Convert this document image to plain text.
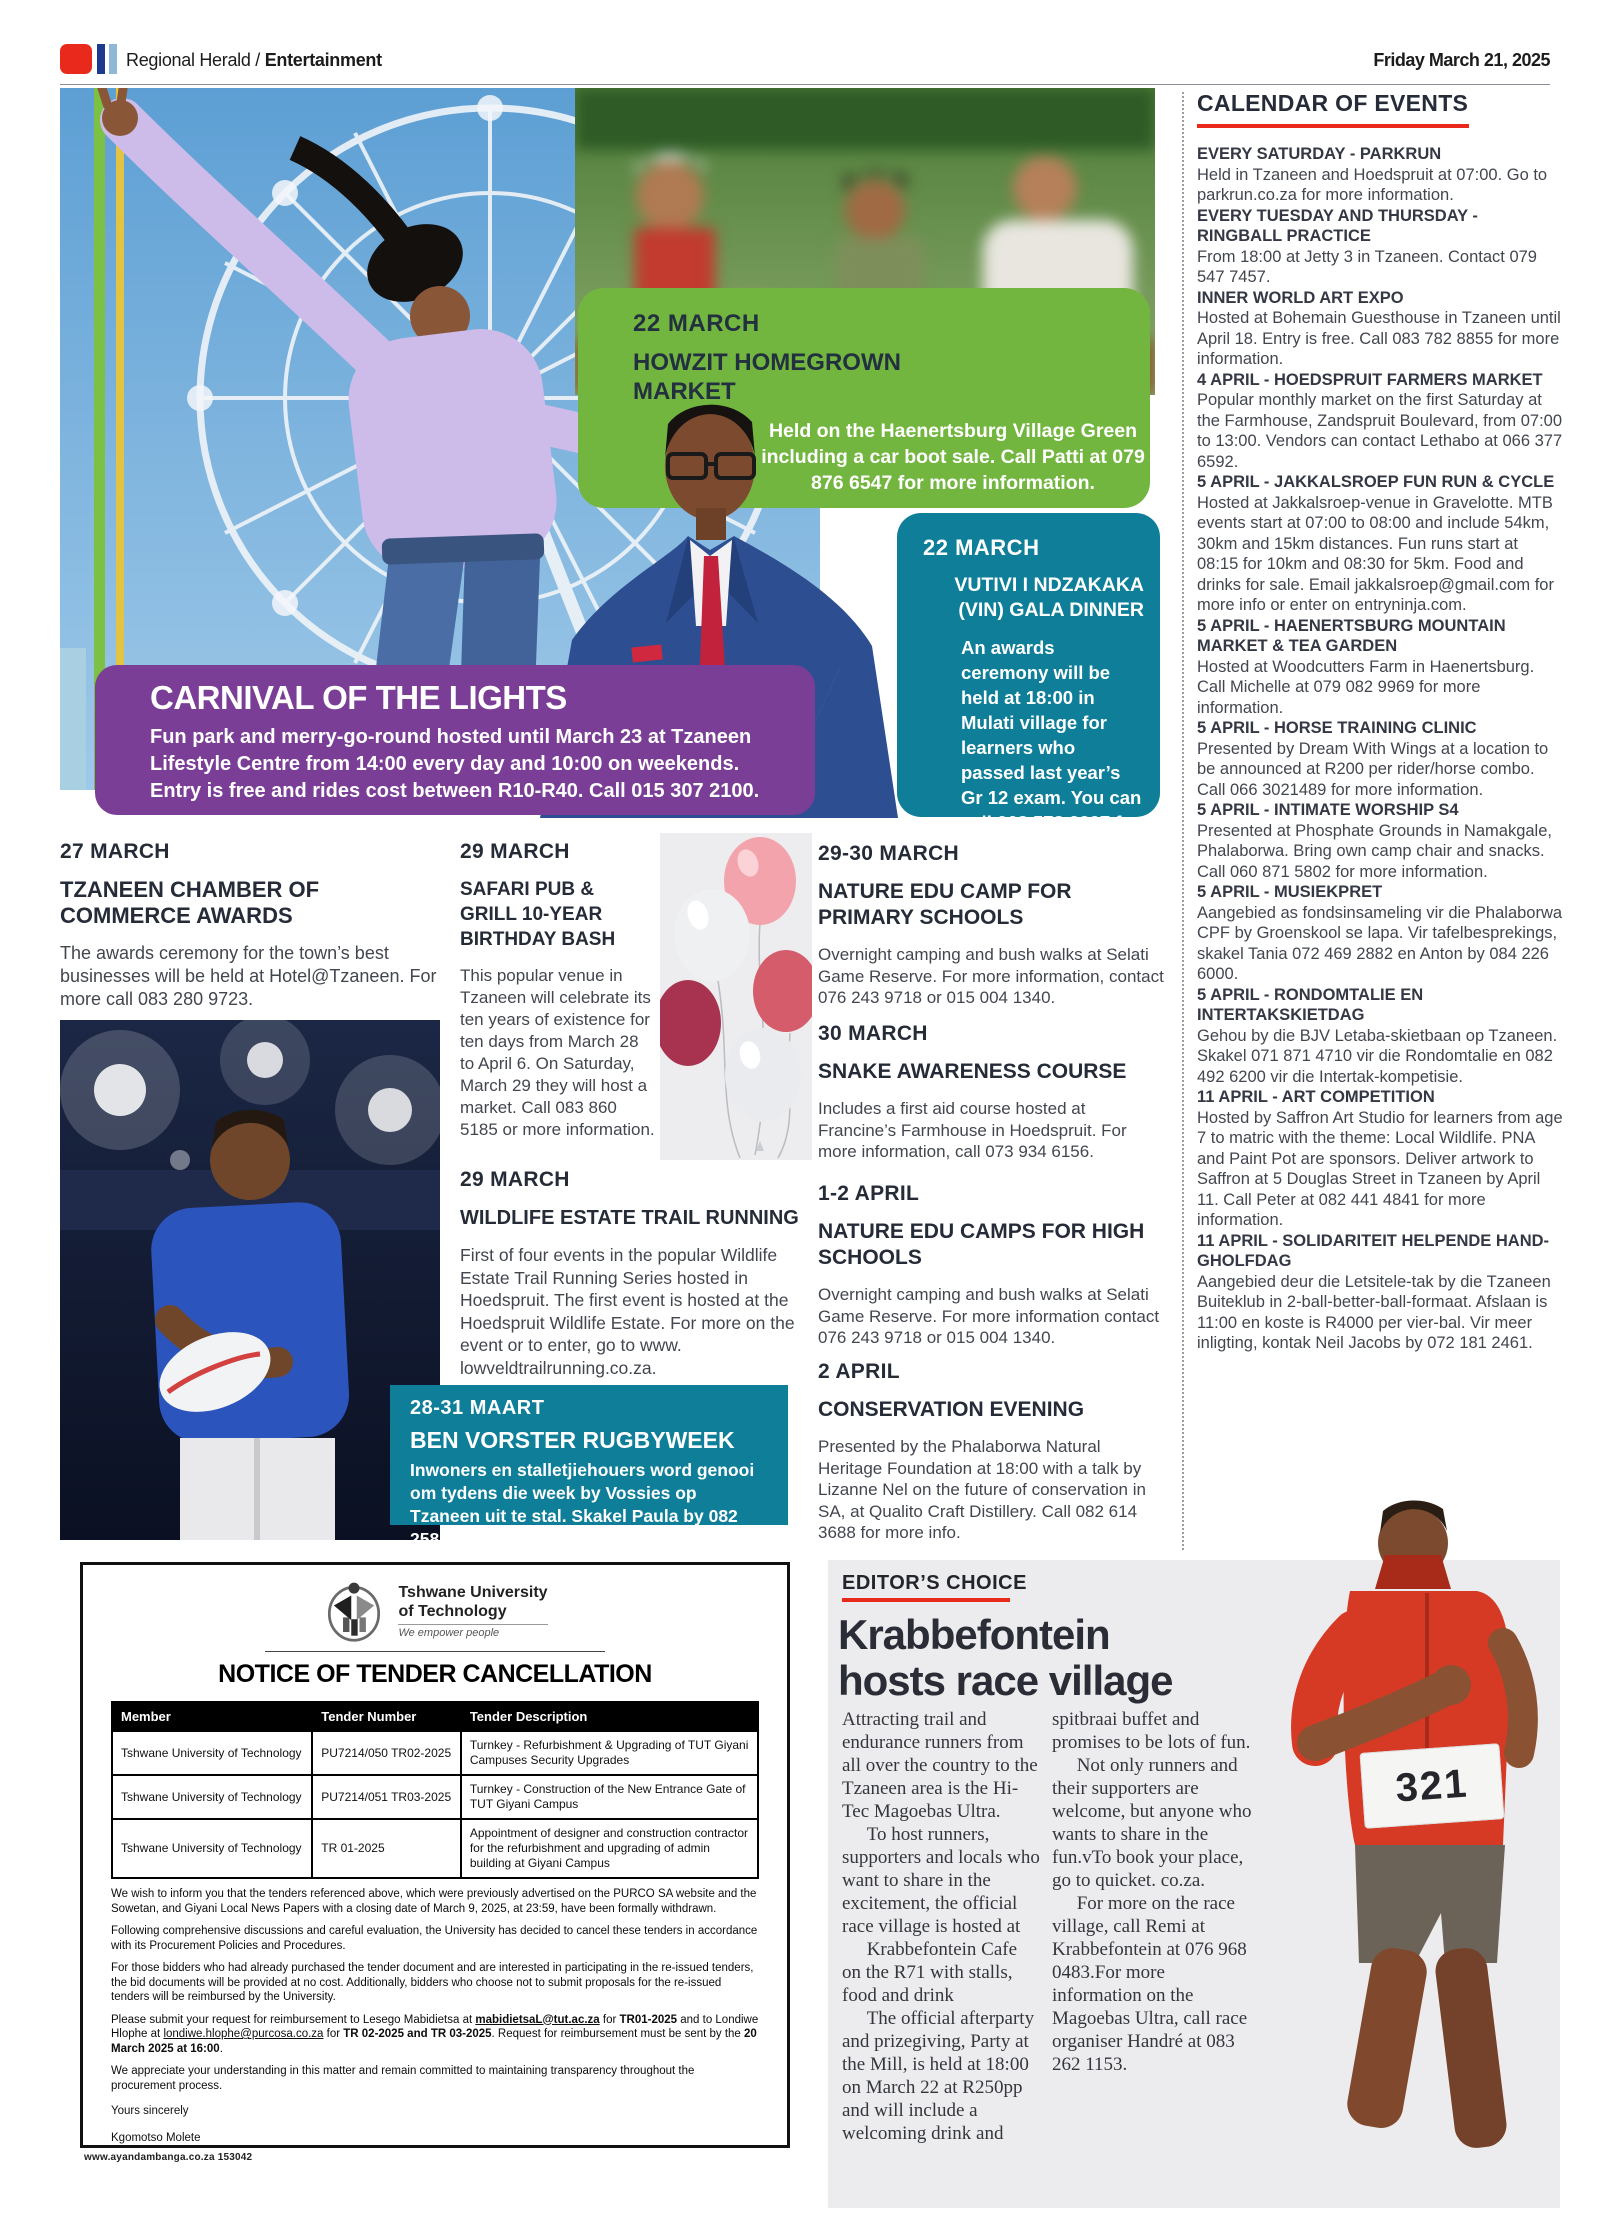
Regional Herald / Entertainment	Friday March 21, 2025
22 MARCH
HOWZIT HOMEGROWN MARKET
Held on the Haenertsburg Village Green including a car boot sale. Call Patti at 079 876 6547 for more information.
22 MARCH
VUTIVI I NDZAKAKA (VIN) GALA DINNER
An awards ceremony will be held at 18:00 in Mulati village for learners who passed last year’s Gr 12 exam. You can call 068 578 3297 for more information.
CARNIVAL OF THE LIGHTS
Fun park and merry-go-round hosted until March 23 at Tzaneen Lifestyle Centre from 14:00 every day and 10:00 on weekends. Entry is free and rides cost between R10-R40. Call 015 307 2100.
CALENDAR OF EVENTS
EVERY SATURDAY - PARKRUN
Held in Tzaneen and Hoedspruit at 07:00. Go to parkrun.co.za for more information.
EVERY TUESDAY AND THURSDAY - RINGBALL PRACTICE
From 18:00 at Jetty 3 in Tzaneen. Contact 079 547 7457.
INNER WORLD ART EXPO
Hosted at Bohemain Guesthouse in Tzaneen until April 18. Entry is free. Call 083 782 8855 for more information.
4 APRIL - HOEDSPRUIT FARMERS MARKET
Popular monthly market on the first Saturday at the Farmhouse, Zandspruit Boulevard, from 07:00 to 13:00. Vendors can contact Lethabo at 066 377 6592.
5 APRIL - JAKKALSROEP FUN RUN & CYCLE
Hosted at Jakkalsroep-venue in Gravelotte. MTB events start at 07:00 to 08:00 and include 54km, 30km and 15km distances. Fun runs start at 08:15 for 10km and 08:30 for 5km. Food and drinks for sale. Email jakkalsroep@gmail.com for more info or enter on entryninja.com.
5 APRIL - HAENERTSBURG MOUNTAIN MARKET & TEA GARDEN
Hosted at Woodcutters Farm in Haenertsburg. Call Michelle at 079 082 9969 for more information.
5 APRIL - HORSE TRAINING CLINIC
Presented by Dream With Wings at a location to be announced at R200 per rider/horse combo. Call 066 3021489 for more information.
5 APRIL - INTIMATE WORSHIP S4
Presented at Phosphate Grounds in Namakgale, Phalaborwa. Bring own camp chair and snacks. Call 060 871 5802 for more information.
5 APRIL - MUSIEKPRET
Aangebied as fondsinsameling vir die Phalaborwa CPF by Groenskool se lapa. Vir tafelbesprekings, skakel Tania 072 469 2882 en Anton by 084 226 6000.
5 APRIL - RONDOMTALIE EN INTERTAKSKIETDAG
Gehou by die BJV Letaba-skietbaan op Tzaneen. Skakel 071 871 4710 vir die Rondomtalie en 082 492 6200 vir die Intertak-kompetisie.
11 APRIL - ART COMPETITION
Hosted by Saffron Art Studio for learners from age 7 to matric with the theme: Local Wildlife. PNA and Paint Pot are sponsors. Deliver artwork to Saffron at 5 Douglas Street in Tzaneen by April 11. Call Peter at 082 441 4841 for more information.
11 APRIL - SOLIDARITEIT HELPENDE HAND-GHOLFDAG
Aangebied deur die Letsitele-tak by die Tzaneen Buiteklub in 2-ball-better-ball-formaat. Afslaan is 11:00 en koste is R4000 per vier-bal. Vir meer inligting, kontak Neil Jacobs by 072 181 2461.
27 MARCH
TZANEEN CHAMBER OF COMMERCE AWARDS
The awards ceremony for the town’s best businesses will be held at Hotel@Tzaneen. For more call 083 280 9723.
29 MARCH
SAFARI PUB & GRILL 10-YEAR BIRTHDAY BASH
This popular venue in Tzaneen will celebrate its ten years of existence for ten days from March 28 to April 6. On Saturday, March 29 they will host a market. Call 083 860 5185 or more information.
29 MARCH
WILDLIFE ESTATE TRAIL RUNNING
First of four events in the popular Wildlife Estate Trail Running Series hosted in Hoedspruit. The first event is hosted at the Hoedspruit Wildlife Estate. For more on the event or to enter, go to www. lowveldtrailrunning.co.za.
29-30 MARCH
NATURE EDU CAMP FOR PRIMARY SCHOOLS
Overnight camping and bush walks at Selati Game Reserve. For more information, contact 076 243 9718 or 015 004 1340.
30 MARCH
SNAKE AWARENESS COURSE
Includes a first aid course hosted at Francine’s Farmhouse in Hoedspruit. For more information, call 073 934 6156.
1-2 APRIL
NATURE EDU CAMPS FOR HIGH SCHOOLS
Overnight camping and bush walks at Selati Game Reserve. For more information contact 076 243 9718 or 015 004 1340.
2 APRIL
CONSERVATION EVENING
Presented by the Phalaborwa Natural Heritage Foundation at 18:00 with a talk by Lizanne Nel on the future of conservation in SA, at Qualito Craft Distillery. Call 082 614 3688 for more info.
28-31 MAART
BEN VORSTER RUGBYWEEK
Inwoners en stalletjiehouers word genooi om tydens die week by Vossies op Tzaneen uit te stal. Skakel Paula by 082 258 4596.
Tshwane University
of Technology
We empower people
NOTICE OF TENDER CANCELLATION
Member	Tender Number	Tender Description
Tshwane University of Technology	PU7214/050 TR02-2025	Turnkey - Refurbishment & Upgrading of TUT Giyani Campuses Security Upgrades
Tshwane University of Technology	PU7214/051 TR03-2025	Turnkey - Construction of the New Entrance Gate of TUT Giyani Campus
Tshwane University of Technology	TR 01-2025	Appointment of designer and construction contractor for the refurbishment and upgrading of admin building at Giyani Campus
We wish to inform you that the tenders referenced above, which were previously advertised on the PURCO SA website and the Sowetan, and Giyani Local News Papers with a closing date of March 9, 2025, at 23:59, have been formally withdrawn.
Following comprehensive discussions and careful evaluation, the University has decided to cancel these tenders in accordance with its Procurement Policies and Procedures.
For those bidders who had already purchased the tender document and are interested in participating in the re-issued tenders, the bid documents will be provided at no cost. Additionally, bidders who choose not to submit proposals for the re-issued tenders will be reimbursed by the University.
Please submit your request for reimbursement to Lesego Mabidietsa at mabidietsaL@tut.ac.za for TR01-2025 and to Londiwe Hlophe at londiwe.hlophe@purcosa.co.za for TR 02-2025 and TR 03-2025. Request for reimbursement must be sent by the 20 March 2025 at 16:00.
We appreciate your understanding in this matter and remain committed to maintaining transparency throughout the procurement process.
Yours sincerely
Kgomotso Molete
www.ayandambanga.co.za 153042
EDITOR’S CHOICE
Krabbefontein
hosts race village

Attracting trail and endurance runners from all over the country to the Tzaneen area is the Hi-Tec Magoebas Ultra.

To host runners, supporters and locals who want to share in the excitement, the official race village is hosted at

Krabbefontein Cafe on the R71 with stalls, food and drink

The official afterparty and prizegiving, Party at the Mill, is held at 18:00 on March 22 at R250pp and will include a welcoming drink and

spitbraai buffet and promises to be lots of fun.

Not only runners and their supporters are welcome, but anyone who wants to share in the fun.vTo book your place, go to quicket. co.za.

For more on the race village, call Remi at Krabbefontein at 076 968 0483.For more information on the Magoebas Ultra, call race organiser Handré at 083 262 1153.

321
